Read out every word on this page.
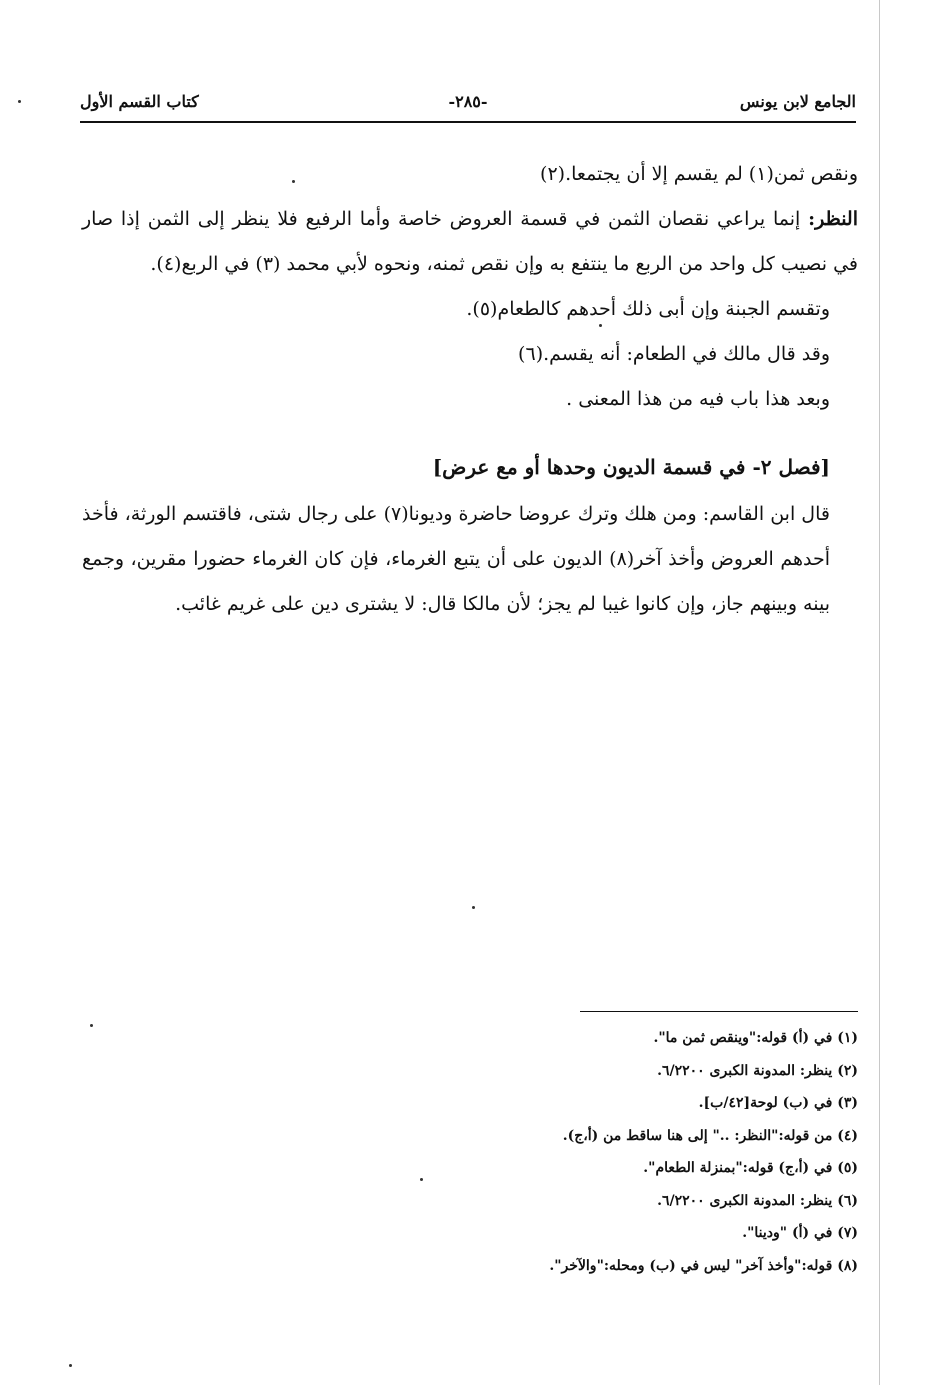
الجامع لابن يونس
-٢٨٥-
كتاب القسم الأول

ونقص ثمن(١) لم يقسم إلا أن يجتمعا.(٢)

النظر: إنما يراعي نقصان الثمن في قسمة العروض خاصة وأما الرفيع فلا ينظر إلى الثمن إذا صار في نصيب كل واحد من الربع ما ينتفع به وإن نقص ثمنه، ونحوه لأبي محمد (٣) في الربع(٤).

وتقسم الجبنة وإن أبى ذلك أحدهم كالطعام(٥).

وقد قال مالك في الطعام: أنه يقسم.(٦)

وبعد هذا باب فيه من هذا المعنى .

[فصل ٢- في قسمة الديون وحدها أو مع عرض]

قال ابن القاسم: ومن هلك وترك عروضا حاضرة وديونا(٧) على رجال شتى، فاقتسم الورثة، فأخذ أحدهم العروض وأخذ آخر(٨) الديون على أن يتبع الغرماء، فإن كان الغرماء حضورا مقرين، وجمع بينه وبينهم جاز، وإن كانوا غيبا لم يجز؛ لأن مالكا قال: لا يشترى دين على غريم غائب.

(١) في (أ) قوله:"وينقص ثمن ما".

(٢) ينظر: المدونة الكبرى ٦/٢٢٠٠.

(٣) في (ب) لوحة[٤٢/ب].

(٤) من قوله:"النظر: .." إلى هنا ساقط من (أ،ج).

(٥) في (أ،ج) قوله:"بمنزلة الطعام".

(٦) ينظر: المدونة الكبرى ٦/٢٢٠٠.

(٧) في (أ) "ودينا".

(٨) قوله:"وأخذ آخر" ليس في (ب) ومحله:"والآخر".
